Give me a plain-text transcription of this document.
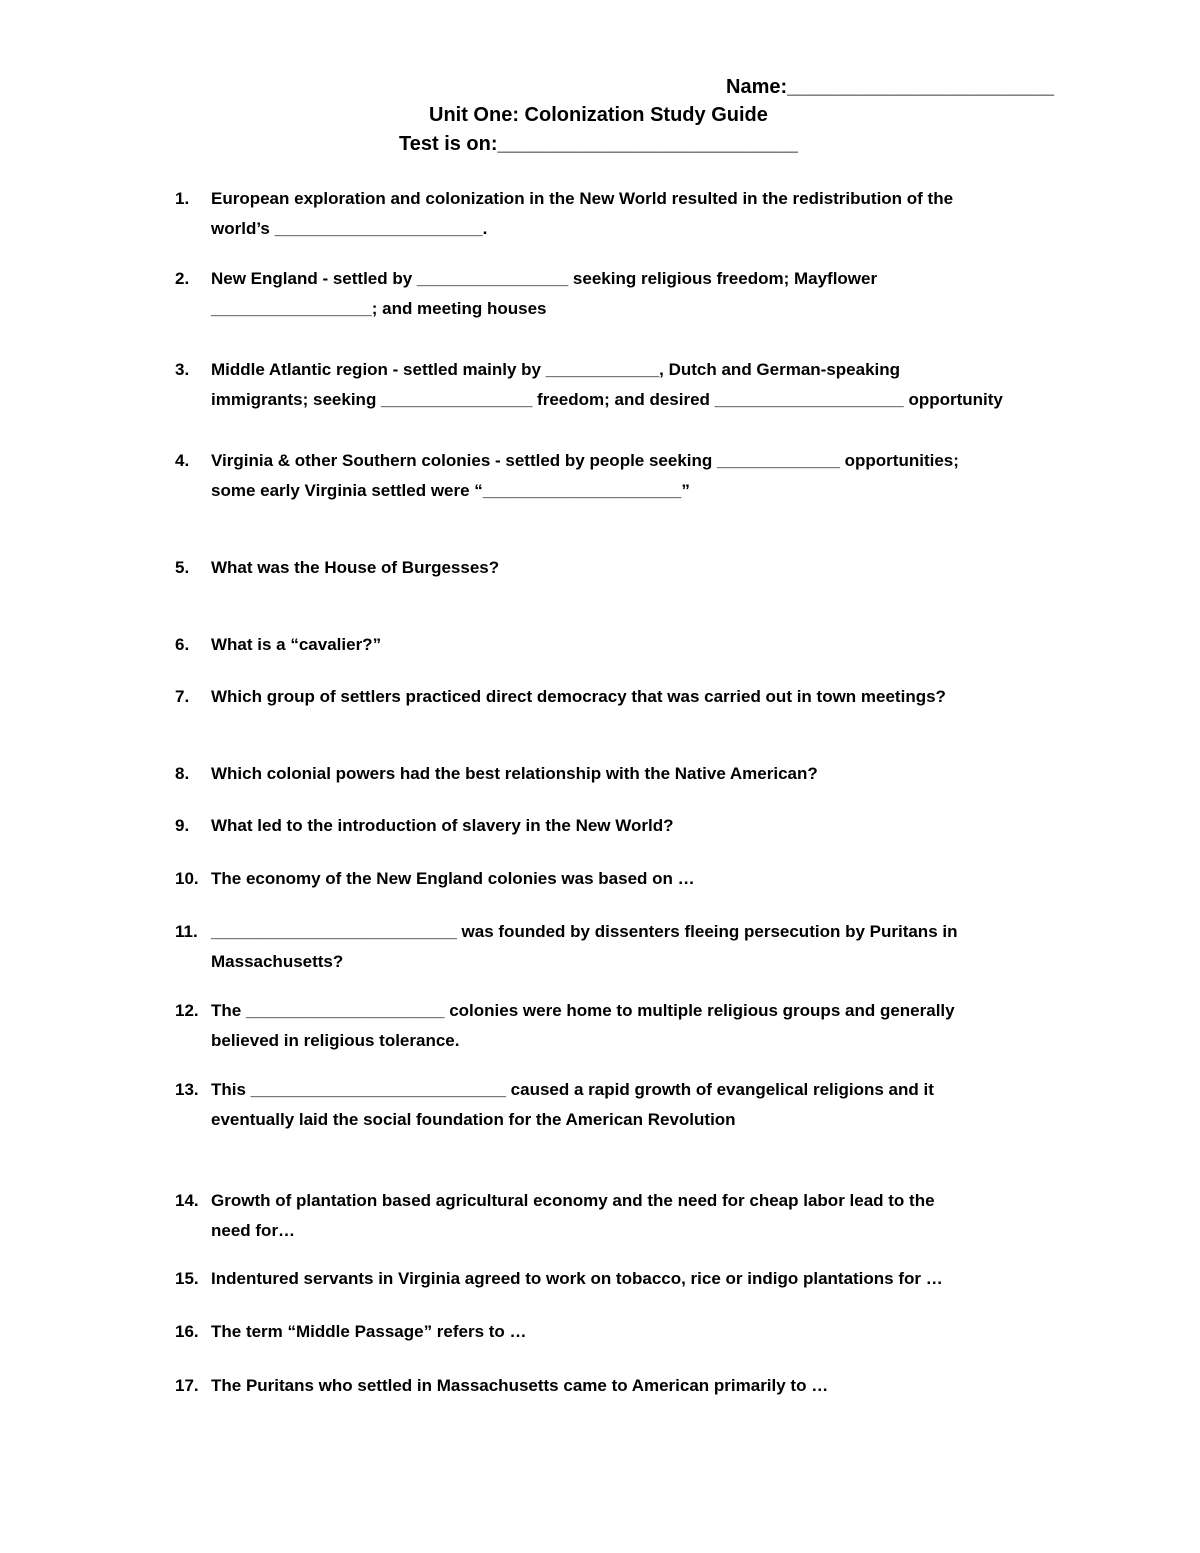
Name:________________________
Unit One: Colonization Study Guide
Test is on:___________________________
1.	European exploration and colonization in the New World resulted in the redistribution of the
world’s ______________________.
2.	New England - settled by ________________ seeking religious freedom; Mayflower
_________________; and meeting houses
3.	Middle Atlantic region - settled mainly by ____________, Dutch and German-speaking
immigrants; seeking ________________ freedom; and desired ____________________ opportunity
4.	Virginia & other Southern colonies - settled by people seeking _____________ opportunities;
some early Virginia settled were “_____________________”
5.	What was the House of Burgesses?
6.	What is a “cavalier?”
7.	Which group of settlers practiced direct democracy that was carried out in town meetings?
8.	Which colonial powers had the best relationship with the Native American?
9.	What led to the introduction of slavery in the New World?
10. The economy of the New England colonies was based on …
11. __________________________ was founded by dissenters fleeing persecution by Puritans in
Massachusetts?
12. The _____________________ colonies were home to multiple religious groups and generally
believed in religious tolerance.
13. This ___________________________ caused a rapid growth of evangelical religions and it
eventually laid the social foundation for the American Revolution
14. Growth of plantation based agricultural economy and the need for cheap labor lead to the
need for…
15. Indentured servants in Virginia agreed to work on tobacco, rice or indigo plantations for …
16. The term “Middle Passage” refers to …
17. The Puritans who settled in Massachusetts came to American primarily to …
